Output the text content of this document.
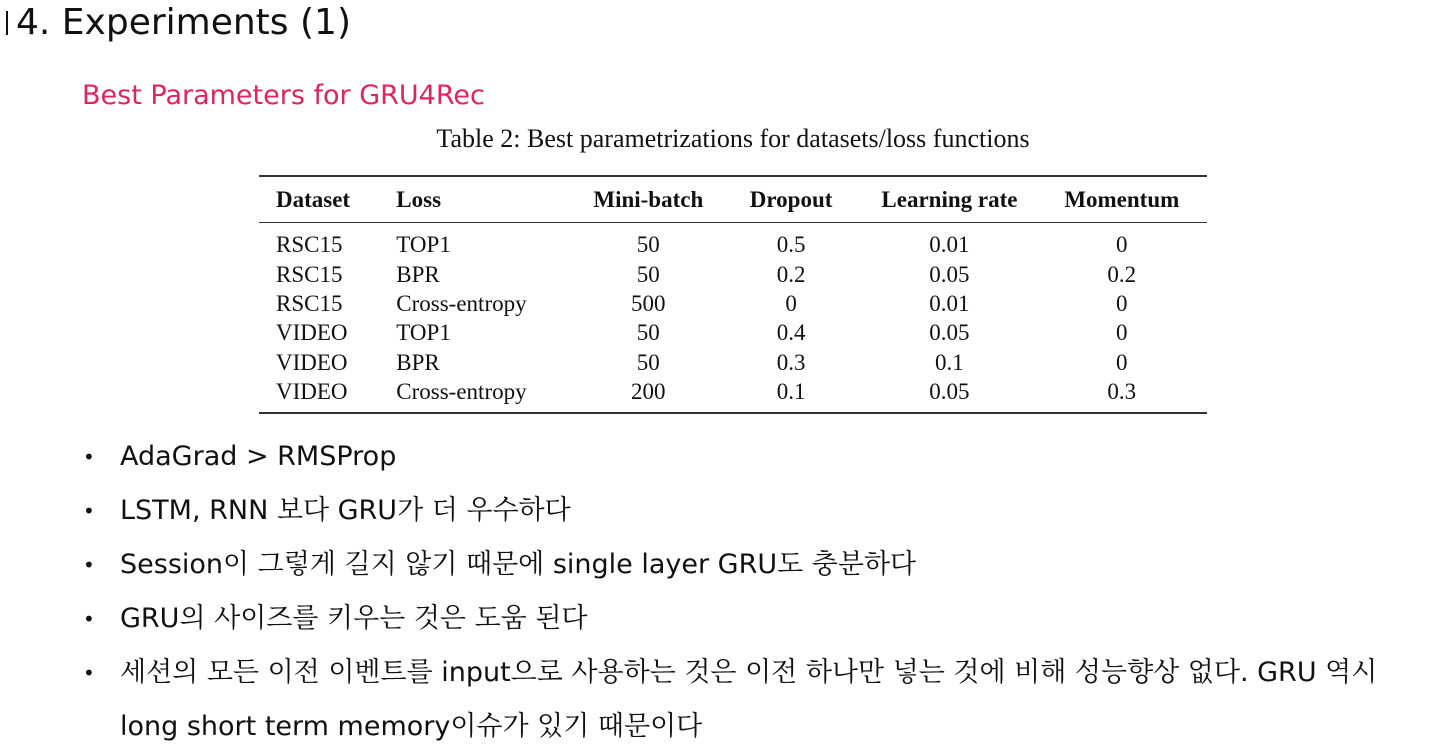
4. Experiments (1)
Best Parameters for GRU4Rec
Table 2: Best parametrizations for datasets/loss functions
Dataset	Loss	Mini-batch	Dropout	Learning rate	Momentum
RSC15	TOP1	50	0.5	0.01	0
RSC15	BPR	50	0.2	0.05	0.2
RSC15	Cross-entropy	500	0	0.01	0
VIDEO	TOP1	50	0.4	0.05	0
VIDEO	BPR	50	0.3	0.1	0
VIDEO	Cross-entropy	200	0.1	0.05	0.3
• AdaGrad > RMSProp
• LSTM, RNN 보다 GRU가 더 우수하다
• Session이 그렇게 길지 않기 때문에 single layer GRU도 충분하다
• GRU의 사이즈를 키우는 것은 도움 된다
• 세션의 모든 이전 이벤트를 input으로 사용하는 것은 이전 하나만 넣는 것에 비해 성능향상 없다. GRU 역시 long short term memory이슈가 있기 때문이다
